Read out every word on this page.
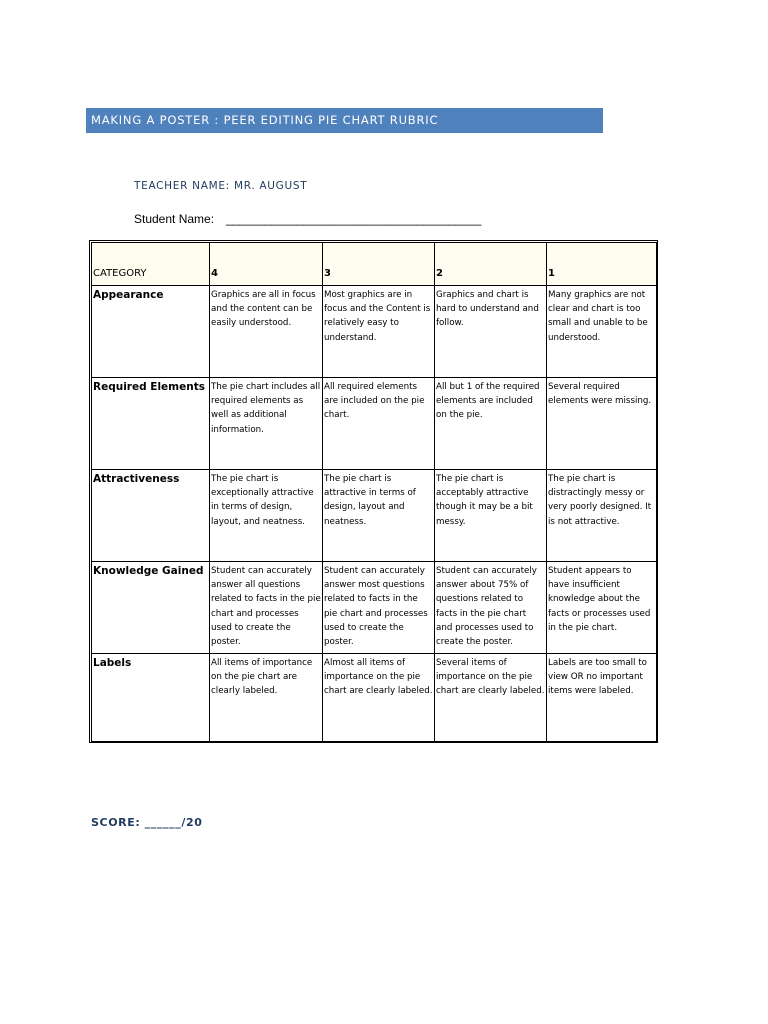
MAKING A POSTER : PEER EDITING PIE CHART RUBRIC
TEACHER NAME: MR. AUGUST
Student Name: ________________________________________
CATEGORY	4	3	2	1
Appearance	Graphics are all in focus and the content can be easily understood.	Most graphics are in focus and the Content is relatively easy to understand.	Graphics and chart is hard to understand and follow.	Many graphics are not clear and chart is too small and unable to be understood.
Required Elements	The pie chart includes all required elements as well as additional information.	All required elements are included on the pie chart.	All but 1 of the required elements are included on the pie.	Several required elements were missing.
Attractiveness	The pie chart is exceptionally attractive in terms of design, layout, and neatness.	The pie chart is attractive in terms of design, layout and neatness.	The pie chart is acceptably attractive though it may be a bit messy.	The pie chart is distractingly messy or very poorly designed. It is not attractive.
Knowledge Gained	Student can accurately answer all questions related to facts in the pie chart and processes used to create the poster.	Student can accurately answer most questions related to facts in the pie chart and processes used to create the poster.	Student can accurately answer about 75% of questions related to facts in the pie chart and processes used to create the poster.	Student appears to have insufficient knowledge about the facts or processes used in the pie chart.
Labels	All items of importance on the pie chart are clearly labeled.	Almost all items of importance on the pie chart are clearly labeled.	Several items of importance on the pie chart are clearly labeled.	Labels are too small to view OR no important items were labeled.
SCORE: ______/20
